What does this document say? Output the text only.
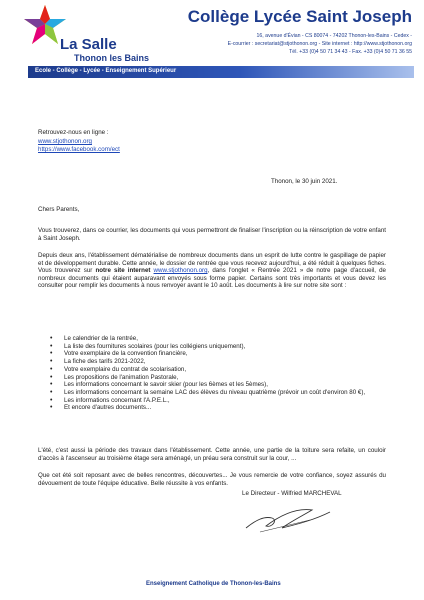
La Salle
Thonon les Bains
Ecole - Collège - Lycée - Enseignement Supérieur
Collège Lycée Saint Joseph
16, avenue d'Évian - CS 80074 - 74202 Thonon-les-Bains - Cedex -
E-courrier : secretariat@stjothonon.org - Site internet : http://www.stjothonon.org
Tél. +33 (0)4 50 71 34 43 - Fax. +33 (0)4 50 71 36 55
Retrouvez-nous en ligne :
www.stjothonon.org
https://www.facebook.com/ect
Thonon, le 30 juin 2021.
Chers Parents,
Vous trouverez, dans ce courrier, les documents qui vous permettront de finaliser l'inscription ou la réinscription de votre enfant à Saint Joseph.
Depuis deux ans, l'établissement dématérialise de nombreux documents dans un esprit de lutte contre le gaspillage de papier et de développement durable. Cette année, le dossier de rentrée que vous recevez aujourd'hui, a été réduit à quelques fiches. Vous trouverez sur notre site internet www.stjothonon.org, dans l'onglet « Rentrée 2021 » de notre page d'accueil, de nombreux documents qui étaient auparavant envoyés sous forme papier. Certains sont très importants et vous devez les consulter pour remplir les documents à nous renvoyer avant le 10 août. Les documents à lire sur notre site sont :
• Le calendrier de la rentrée,
• La liste des fournitures scolaires (pour les collégiens uniquement),
• Votre exemplaire de la convention financière,
• La fiche des tarifs 2021-2022,
• Votre exemplaire du contrat de scolarisation,
• Les propositions de l'animation Pastorale,
• Les informations concernant le savoir skier (pour les 6èmes et les 5èmes),
• Les informations concernant la semaine LAC des élèves du niveau quatrième (prévoir un coût d'environ 80 €),
• Les informations concernant l'A.P.E.L.,
• Et encore d'autres documents...
L'été, c'est aussi la période des travaux dans l'établissement. Cette année, une partie de la toiture sera refaite, un couloir d'accès à l'ascenseur au troisième étage sera aménagé, un préau sera construit sur la cour, ...
Que cet été soit reposant avec de belles rencontres, découvertes... Je vous remercie de votre confiance, soyez assurés du dévouement de toute l'équipe éducative. Belle réussite à vos enfants.
Le Directeur - Wilfried MARCHEVAL
Enseignement Catholique de Thonon-les-Bains
